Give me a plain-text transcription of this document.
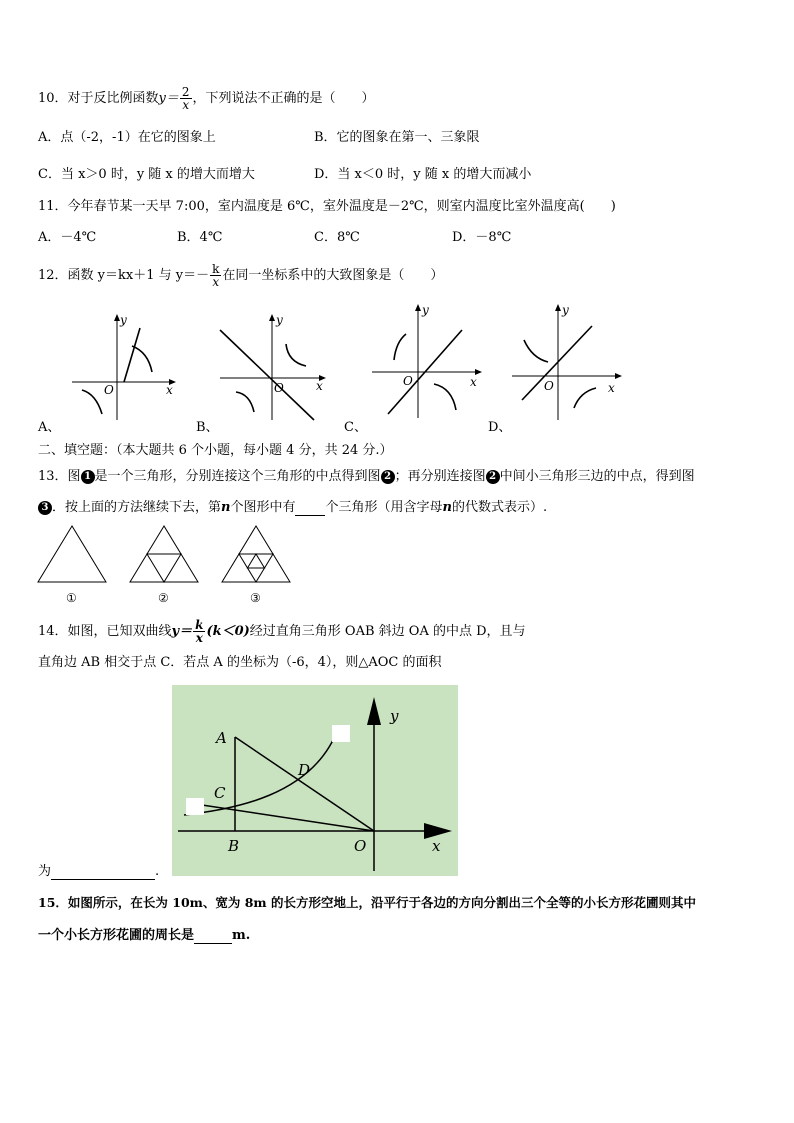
10．对于反比例函数$y= \frac{2}{x}$ ，下列说法不正确的是（　　）
A．点（-2，-1）在它的图象上	B．它的图象在第一、三象限
C．当 x＞0 时，y 随 x 的增大而增大	D．当 x＜0 时，y 随 x 的增大而减小
11．今年春节某一天早 7:00，室内温度是 6℃，室外温度是－2℃，则室内温度比室外温度高(　　)
A．－4℃	B．4℃	C．8℃	D．－8℃
12．函数 y＝kx＋1 与 $y=- \frac{k}{x}$ 在同一坐标系中的大致图象是（　　）
y
x
O
A、
y
x
O
B、
y
x
O
C、
y
x
O
D、
二、填空题：（本大题共 6 个小题，每小题 4 分，共 24 分.）
13．图 1 是一个三角形，分别连接这个三角形的中点得到图 2 ；再分别连接图 2 中间小三角形三边的中点，得到图
3 ．按上面的方法继续下去，第n个图形中有 个三角形（用含字母n的代数式表示）.
①	②	③
14．如图，已知双曲线$y= \frac{k}{x} (k<0)$经过直角三角形 OAB 斜边 OA 的中点 D，且与
直角边 AB 相交于点 C．若点 A 的坐标为（-6，4），则△AOC 的面积
A
C
D
B	O	x
y
为	.
15．如图所示，在长为 10m、宽为 8m 的长方形空地上，沿平行于各边的方向分割出三个全等的小长方形花圃则其中
一个小长方形花圃的周长是	m.
